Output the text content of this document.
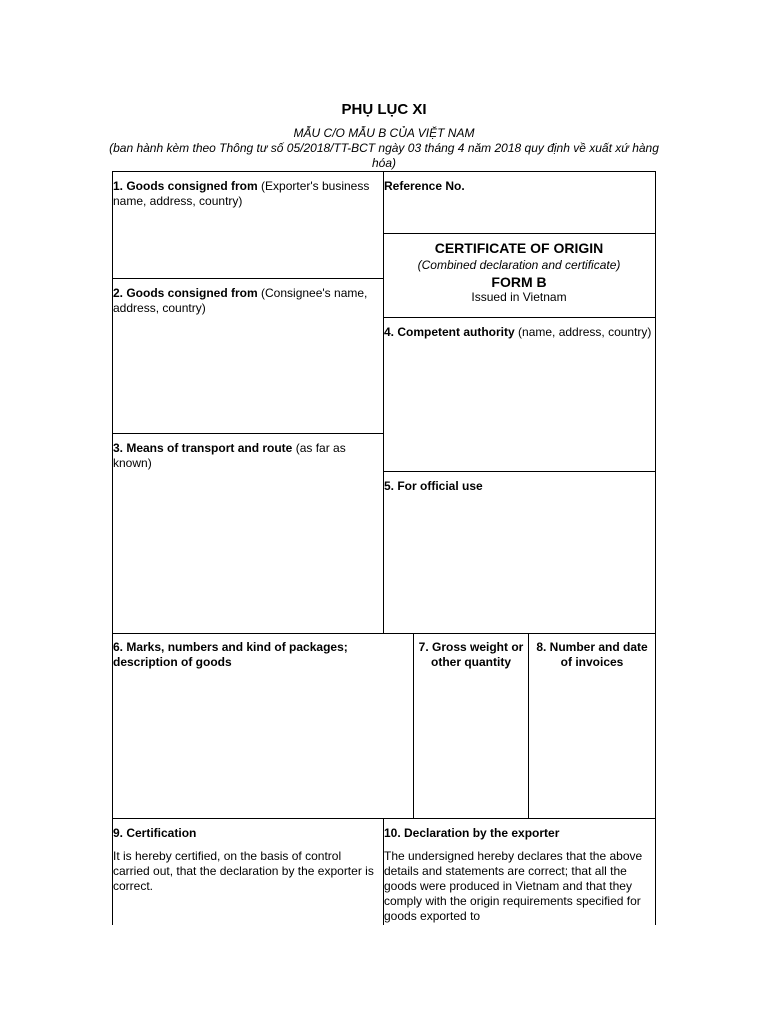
PHỤ LỤC XI
MẪU C/O MẪU B CỦA VIỆT NAM
(ban hành kèm theo Thông tư số 05/2018/TT-BCT ngày 03 tháng 4 năm 2018 quy định về xuất xứ hàng hóa)
1. Goods consigned from (Exporter's business name, address, country)
Reference No.
CERTIFICATE OF ORIGIN
(Combined declaration and certificate)
FORM B
Issued in Vietnam
2. Goods consigned from (Consignee's name, address, country)
4. Competent authority (name, address, country)
3. Means of transport and route (as far as known)
5. For official use
6. Marks, numbers and kind of packages; description of goods
7. Gross weight or other quantity
8. Number and date of invoices
9. Certification
It is hereby certified, on the basis of control carried out, that the declaration by the exporter is correct.
10. Declaration by the exporter
The undersigned hereby declares that the above details and statements are correct; that all the goods were produced in Vietnam and that they comply with the origin requirements specified for goods exported to
